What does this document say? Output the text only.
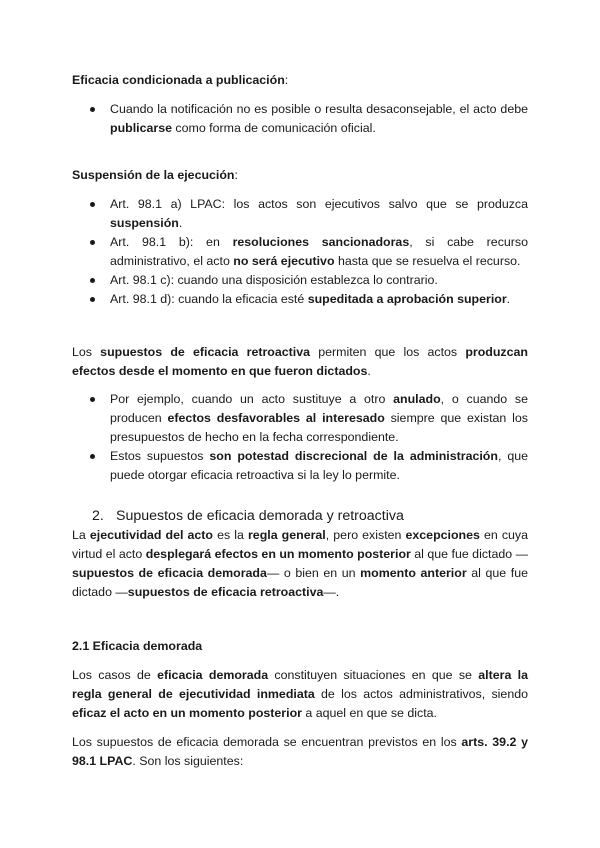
Eficacia condicionada a publicación:

Cuando la notificación no es posible o resulta desaconsejable, el acto debe publicarse como forma de comunicación oficial.

Suspensión de la ejecución:

Art. 98.1 a) LPAC: los actos son ejecutivos salvo que se produzca suspensión.
Art. 98.1 b): en resoluciones sancionadoras, si cabe recurso administrativo, el acto no será ejecutivo hasta que se resuelva el recurso.
Art. 98.1 c): cuando una disposición establezca lo contrario.
Art. 98.1 d): cuando la eficacia esté supeditada a aprobación superior.

Los supuestos de eficacia retroactiva permiten que los actos produzcan efectos desde el momento en que fueron dictados.

Por ejemplo, cuando un acto sustituye a otro anulado, o cuando se producen efectos desfavorables al interesado siempre que existan los presupuestos de hecho en la fecha correspondiente.
Estos supuestos son potestad discrecional de la administración, que puede otorgar eficacia retroactiva si la ley lo permite.

2. Supuestos de eficacia demorada y retroactiva

La ejecutividad del acto es la regla general, pero existen excepciones en cuya virtud el acto desplegará efectos en un momento posterior al que fue dictado —supuestos de eficacia demorada— o bien en un momento anterior al que fue dictado —supuestos de eficacia retroactiva—.

2.1 Eficacia demorada

Los casos de eficacia demorada constituyen situaciones en que se altera la regla general de ejecutividad inmediata de los actos administrativos, siendo eficaz el acto en un momento posterior a aquel en que se dicta.

Los supuestos de eficacia demorada se encuentran previstos en los arts. 39.2 y 98.1 LPAC. Son los siguientes:
